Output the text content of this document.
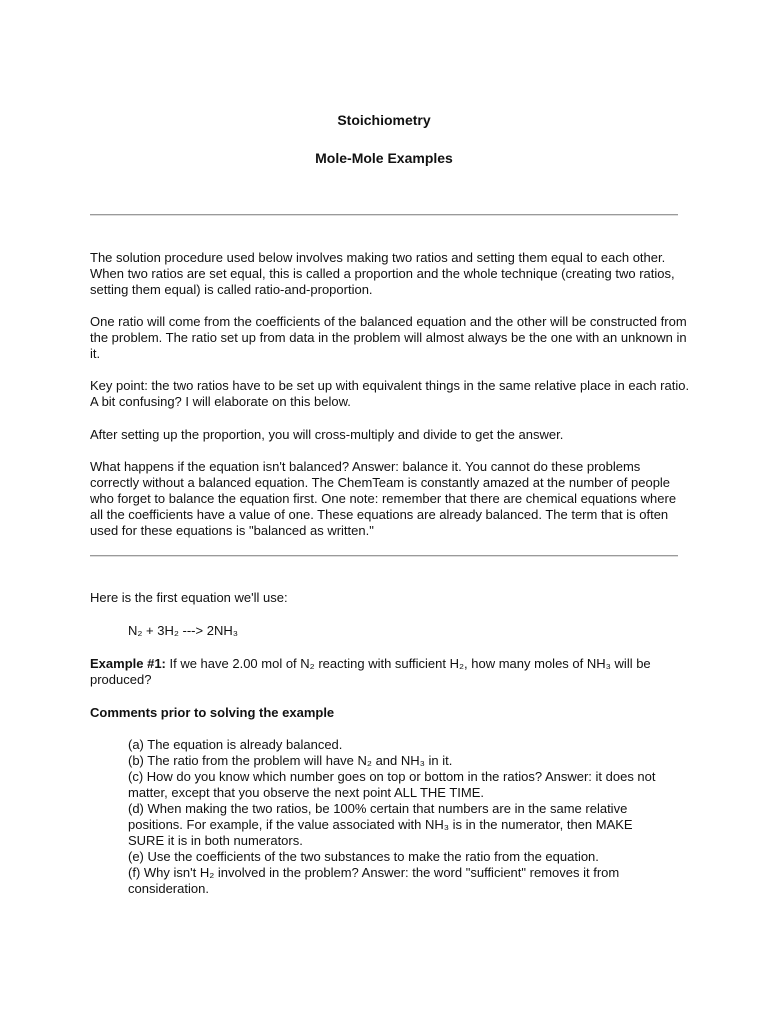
Stoichiometry
Mole-Mole Examples

The solution procedure used below involves making two ratios and setting them equal to each other. When two ratios are set equal, this is called a proportion and the whole technique (creating two ratios, setting them equal) is called ratio-and-proportion.

One ratio will come from the coefficients of the balanced equation and the other will be constructed from the problem. The ratio set up from data in the problem will almost always be the one with an unknown in it.

Key point: the two ratios have to be set up with equivalent things in the same relative place in each ratio. A bit confusing? I will elaborate on this below.

After setting up the proportion, you will cross-multiply and divide to get the answer.

What happens if the equation isn't balanced? Answer: balance it. You cannot do these problems correctly without a balanced equation. The ChemTeam is constantly amazed at the number of people who forget to balance the equation first. One note: remember that there are chemical equations where all the coefficients have a value of one. These equations are already balanced. The term that is often used for these equations is "balanced as written."

Here is the first equation we'll use:

N₂ + 3H₂ ---> 2NH₃

Example #1: If we have 2.00 mol of N₂ reacting with sufficient H₂, how many moles of NH₃ will be produced?

Comments prior to solving the example

(a) The equation is already balanced.
(b) The ratio from the problem will have N₂ and NH₃ in it.
(c) How do you know which number goes on top or bottom in the ratios? Answer: it does not matter, except that you observe the next point ALL THE TIME.
(d) When making the two ratios, be 100% certain that numbers are in the same relative positions. For example, if the value associated with NH₃ is in the numerator, then MAKE SURE it is in both numerators.
(e) Use the coefficients of the two substances to make the ratio from the equation.
(f) Why isn't H₂ involved in the problem? Answer: the word "sufficient" removes it from consideration.
